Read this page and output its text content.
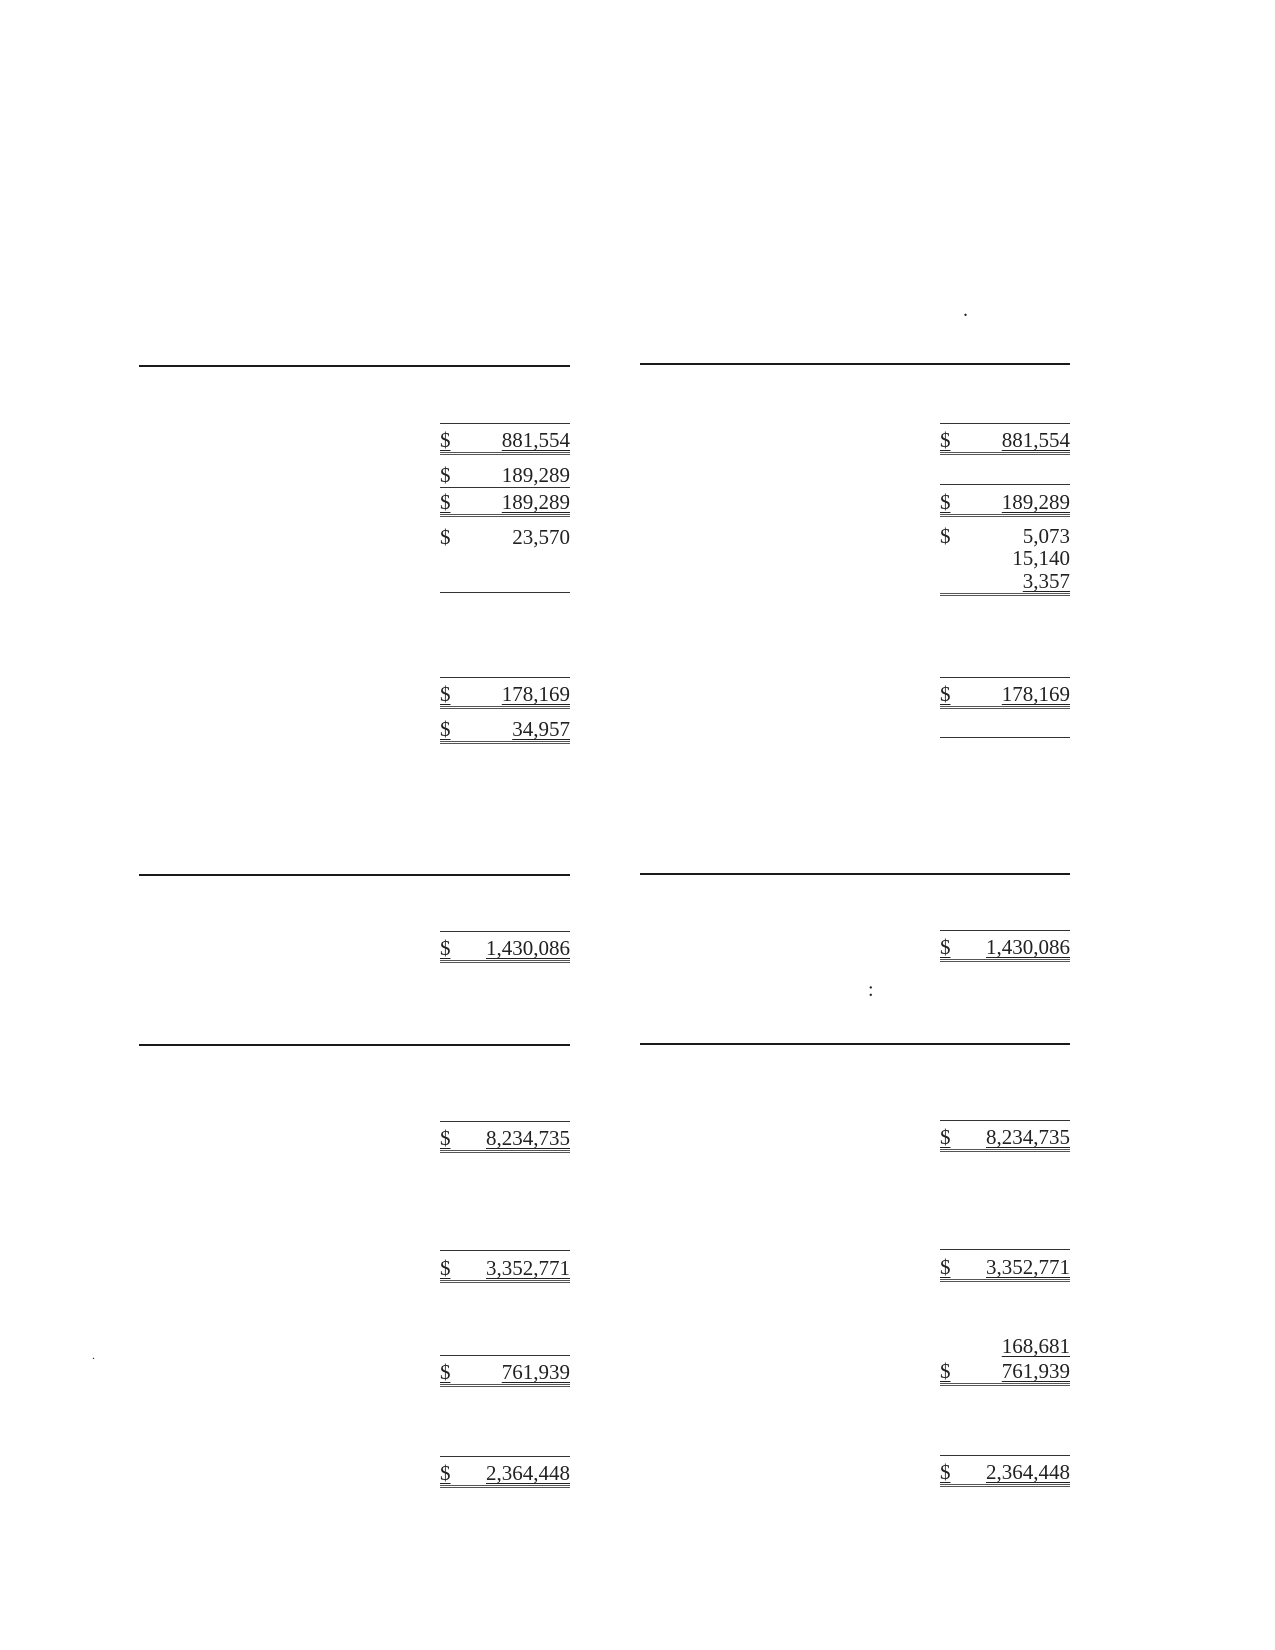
.
:
.
$ 881,554
$ 189,289
$ 189,289
$	23,570
$ 178,169
$	34,957
$ 1,430,086
$ 8,234,735
$ 3,352,771
$ 761,939
$ 2,364,448
$ 881,554
$ 189,289
$	5,073
15,140
3,357
$ 178,169
$ 1,430,086
$ 8,234,735
$ 3,352,771
168,681
$ 761,939
$ 2,364,448
